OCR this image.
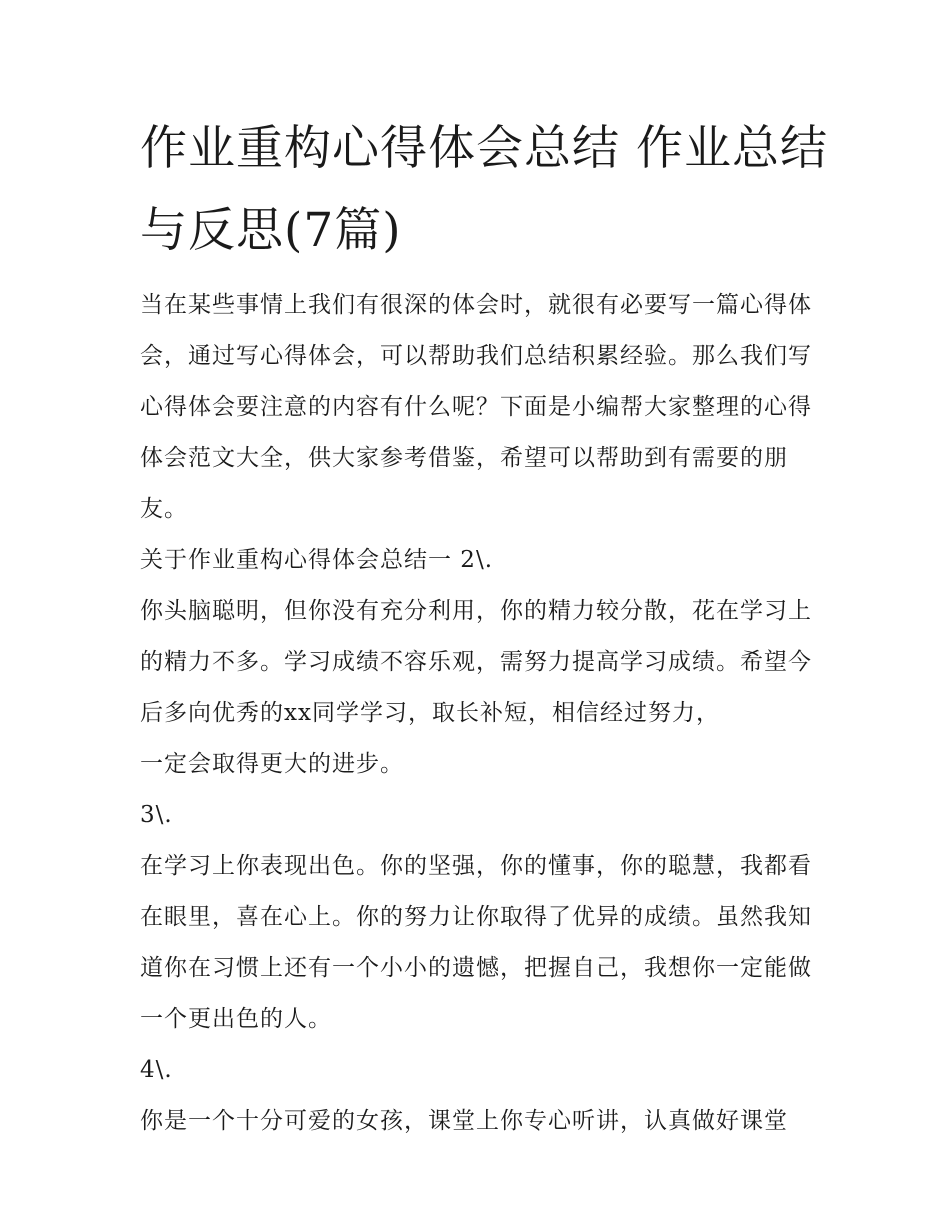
作业重构心得体会总结 作业总结与反思(7篇)

当在某些事情上我们有很深的体会时，就很有必要写一篇心得体会，通过写心得体会，可以帮助我们总结积累经验。那么我们写心得体会要注意的内容有什么呢？下面是小编帮大家整理的心得体会范文大全，供大家参考借鉴，希望可以帮助到有需要的朋友。

关于作业重构心得体会总结一 2\.

你头脑聪明，但你没有充分利用，你的精力较分散，花在学习上的精力不多。学习成绩不容乐观，需努力提高学习成绩。希望今后多向优秀的xx同学学习，取长补短，相信经过努力，

一定会取得更大的进步。

3\.

在学习上你表现出色。你的坚强，你的懂事，你的聪慧，我都看在眼里，喜在心上。你的努力让你取得了优异的成绩。虽然我知道你在习惯上还有一个小小的遗憾，把握自己，我想你一定能做一个更出色的人。

4\.

你是一个十分可爱的女孩，课堂上你专心听讲，认真做好课堂
